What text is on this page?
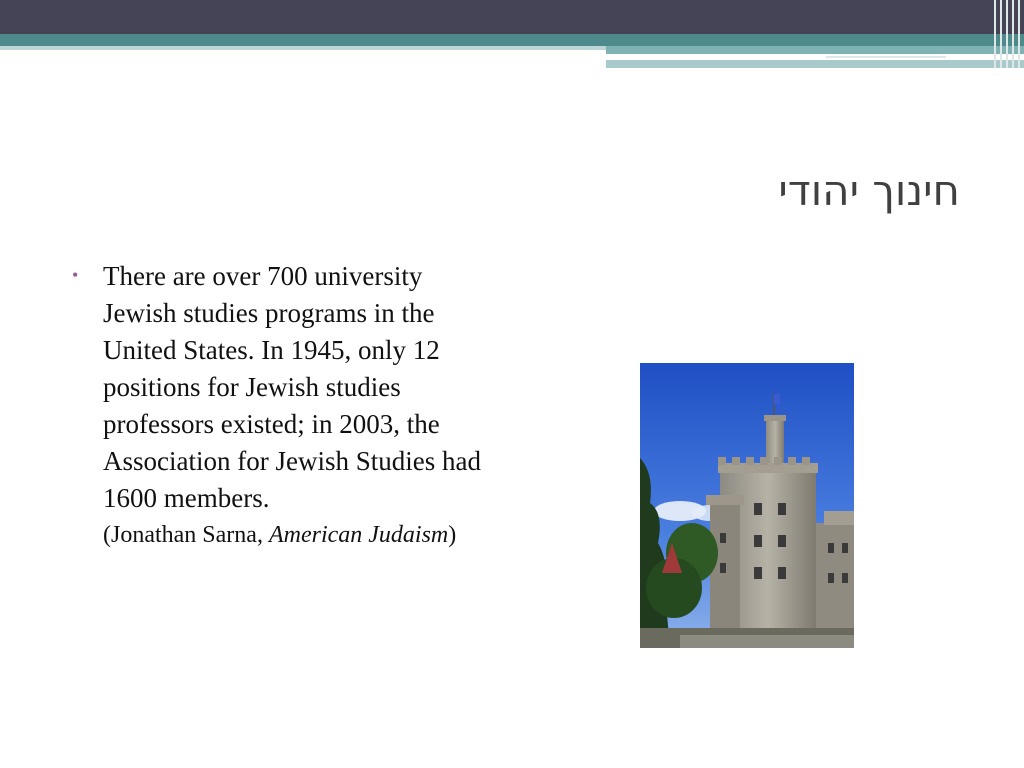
חינוך יהודי
• There are over 700 university Jewish studies programs in the United States. In 1945, only 12 positions for Jewish studies professors existed; in 2003, the Association for Jewish Studies had 1600 members.
(Jonathan Sarna, American Judaism)
